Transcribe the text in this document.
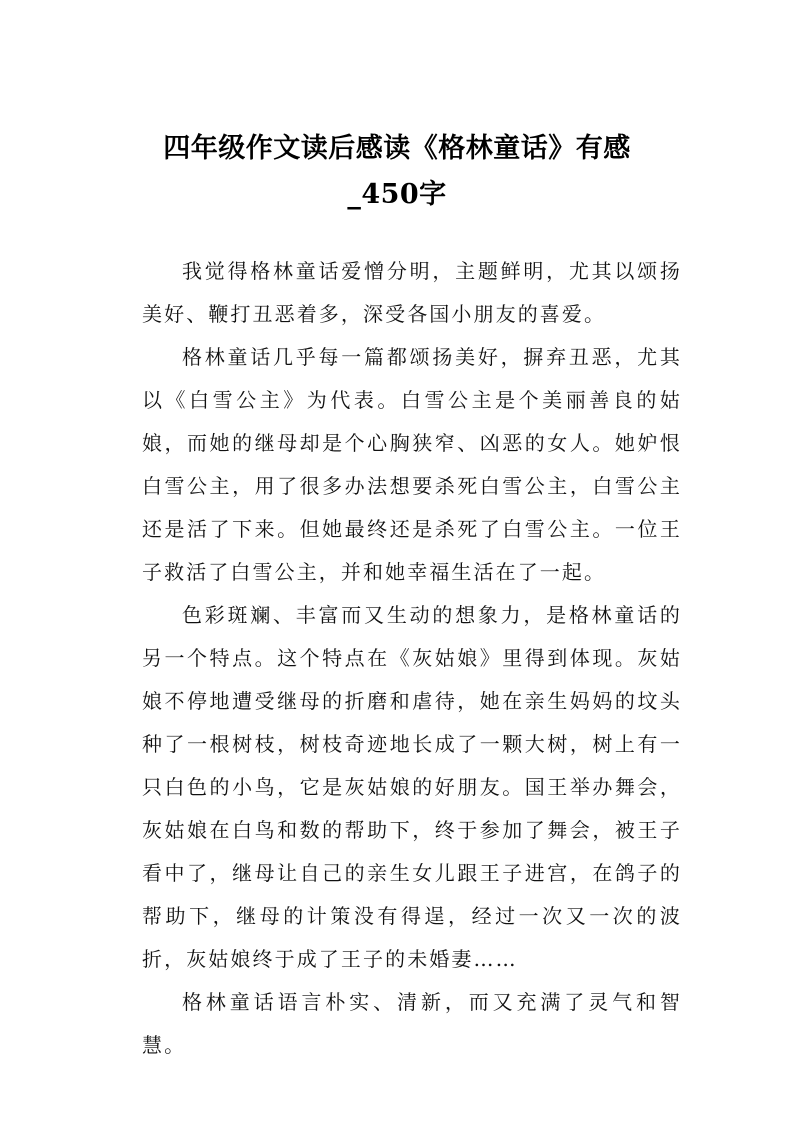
四年级作文读后感读《格林童话》有感
_450字

我觉得格林童话爱憎分明，主题鲜明，尤其以颂扬美好、鞭打丑恶着多，深受各国小朋友的喜爱。

格林童话几乎每一篇都颂扬美好，摒弃丑恶，尤其以《白雪公主》为代表。白雪公主是个美丽善良的姑娘，而她的继母却是个心胸狭窄、凶恶的女人。她妒恨白雪公主，用了很多办法想要杀死白雪公主，白雪公主还是活了下来。但她最终还是杀死了白雪公主。一位王子救活了白雪公主，并和她幸福生活在了一起。

色彩斑斓、丰富而又生动的想象力，是格林童话的另一个特点。这个特点在《灰姑娘》里得到体现。灰姑娘不停地遭受继母的折磨和虐待，她在亲生妈妈的坟头种了一根树枝，树枝奇迹地长成了一颗大树，树上有一只白色的小鸟，它是灰姑娘的好朋友。国王举办舞会，灰姑娘在白鸟和数的帮助下，终于参加了舞会，被王子看中了，继母让自己的亲生女儿跟王子进宫，在鸽子的帮助下，继母的计策没有得逞，经过一次又一次的波折，灰姑娘终于成了王子的未婚妻……

格林童话语言朴实、清新，而又充满了灵气和智慧。
